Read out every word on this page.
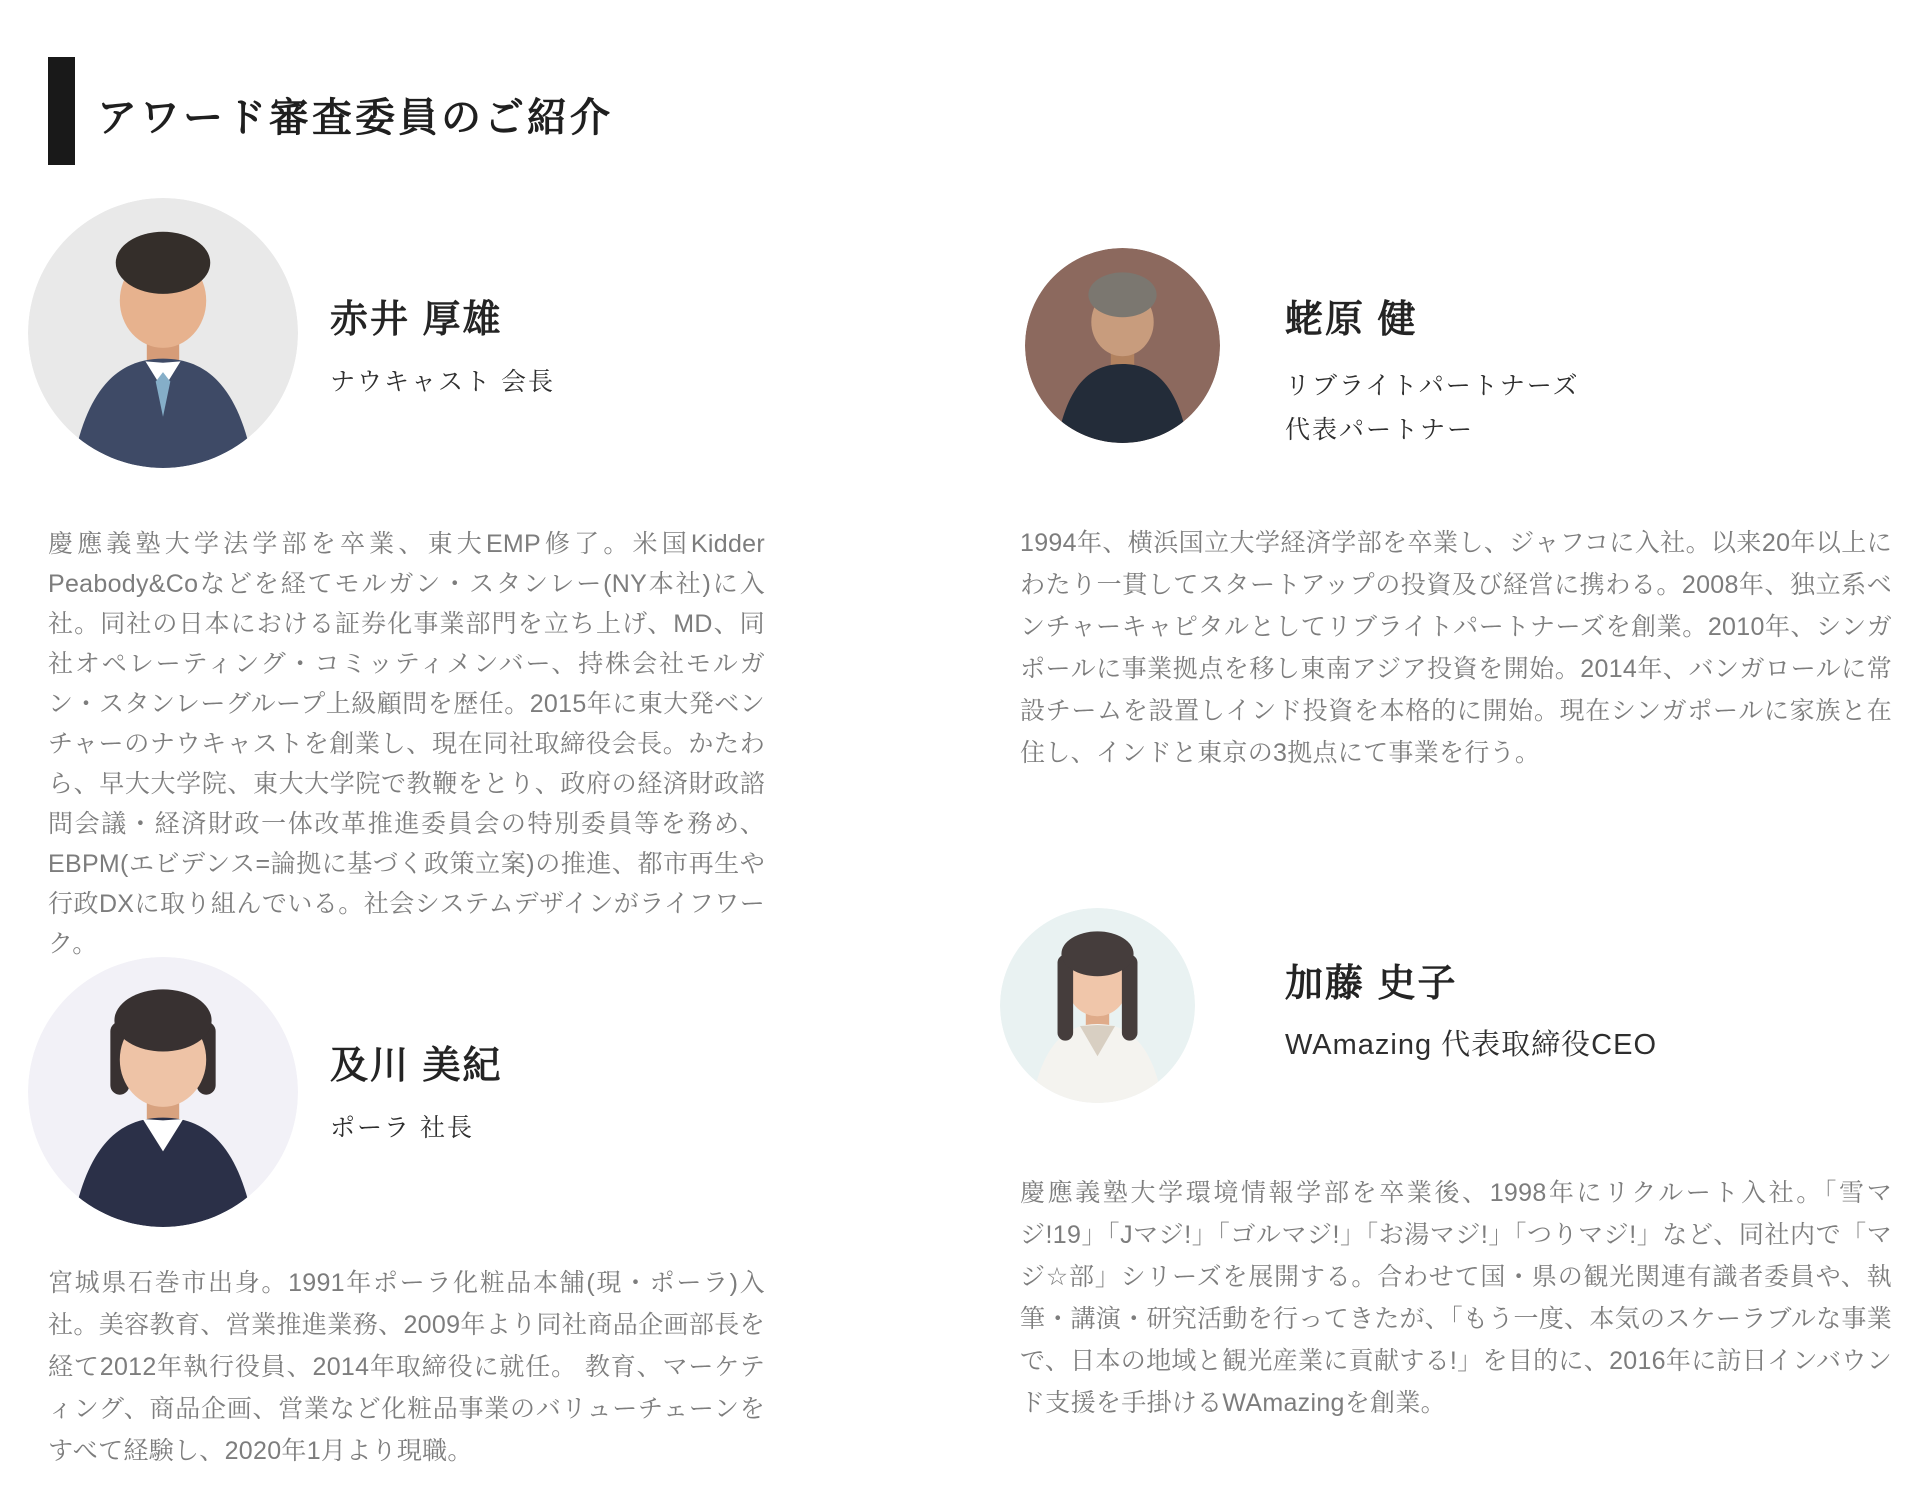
アワード審査委員のご紹介
赤井 厚雄

ナウキャスト 会長

慶應義塾大学法学部を卒業、東大EMP修了。米国Kidder Peabody&Coなどを経てモルガン・スタンレー(NY本社)に入社。同社の日本における証券化事業部門を立ち上げ、MD、同社オペレーティング・コミッティメンバー、持株会社モルガン・スタンレーグループ上級顧問を歴任。2015年に東大発ベンチャーのナウキャストを創業し、現在同社取締役会長。かたわら、早大大学院、東大大学院で教鞭をとり、政府の経済財政諮問会議・経済財政一体改革推進委員会の特別委員等を務め、EBPM(エビデンス=論拠に基づく政策立案)の推進、都市再生や行政DXに取り組んでいる。社会システムデザインがライフワーク。

蛯原 健

リブライトパートナーズ
代表パートナー

1994年、横浜国立大学経済学部を卒業し、ジャフコに入社。以来20年以上にわたり一貫してスタートアップの投資及び経営に携わる。2008年、独立系ベンチャーキャピタルとしてリブライトパートナーズを創業。2010年、シンガポールに事業拠点を移し東南アジア投資を開始。2014年、バンガロールに常設チームを設置しインド投資を本格的に開始。現在シンガポールに家族と在住し、インドと東京の3拠点にて事業を行う。

及川 美紀

ポーラ 社長

宮城県石巻市出身。1991年ポーラ化粧品本舗(現・ポーラ)入社。美容教育、営業推進業務、2009年より同社商品企画部長を経て2012年執行役員、2014年取締役に就任。 教育、マーケティング、商品企画、営業など化粧品事業のバリューチェーンをすべて経験し、2020年1月より現職。

加藤 史子

WAmazing 代表取締役CEO

慶應義塾大学環境情報学部を卒業後、1998年にリクルート入社。「雪マジ!19」「Jマジ!」「ゴルマジ!」「お湯マジ!」「つりマジ!」など、同社内で「マジ☆部」シリーズを展開する。合わせて国・県の観光関連有識者委員や、執筆・講演・研究活動を行ってきたが、「もう一度、本気のスケーラブルな事業で、日本の地域と観光産業に貢献する!」を目的に、2016年に訪日インバウンド支援を手掛けるWAmazingを創業。
